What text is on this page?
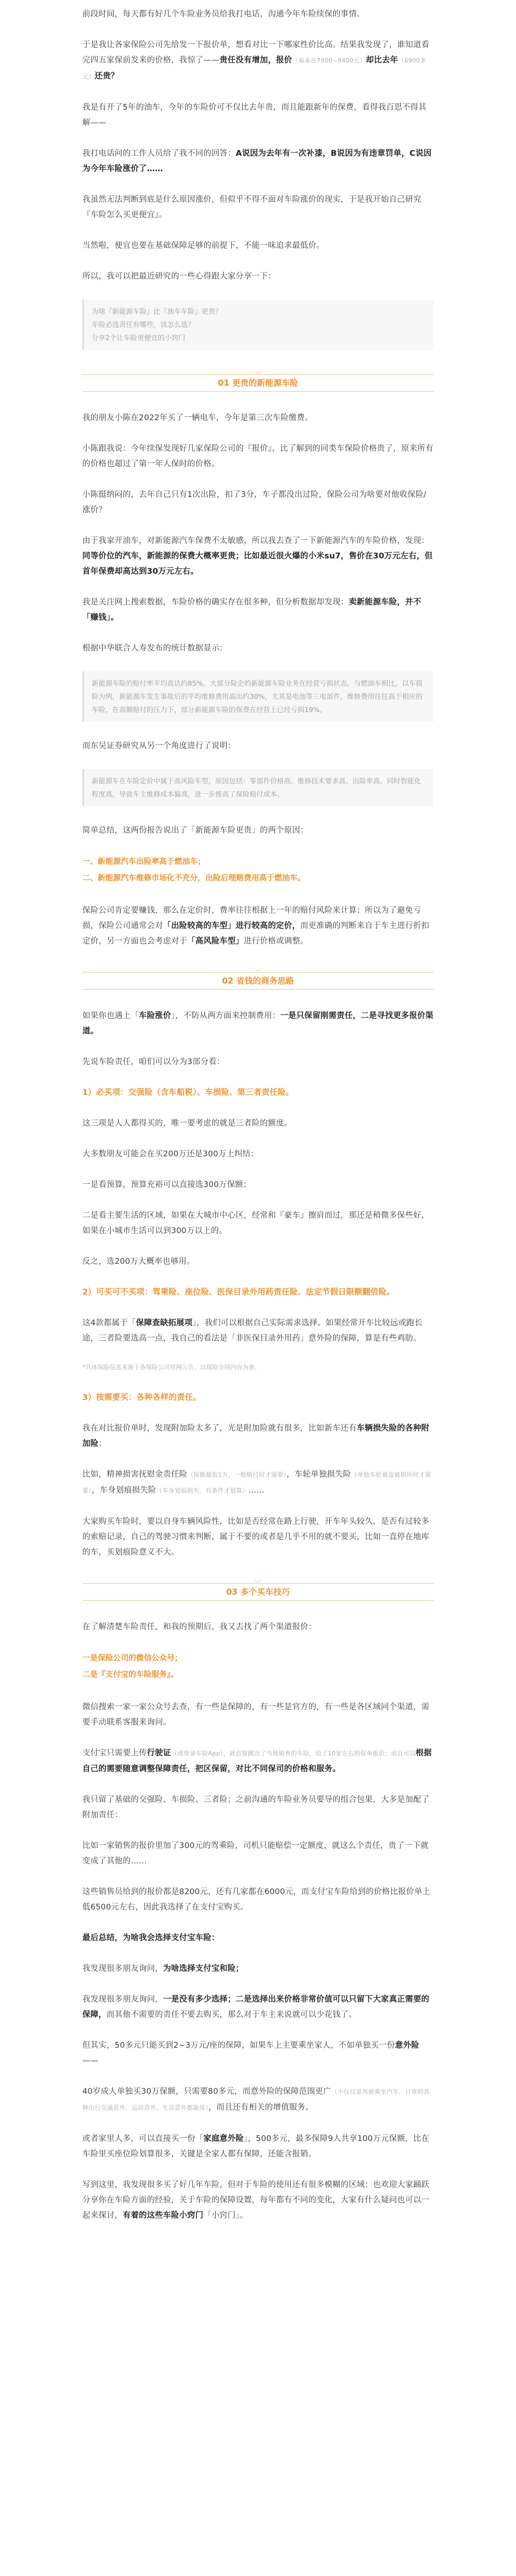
前段时间，每天都有好几个车险业务员给我打电话，沟通今年车险续保的事情。

于是我让各家保险公司先给发一下报价单，想看对比一下哪家性价比高。结果我发现了，谁知道看完四五家保前发来的价格，我惊了——贵任没有增加，报价（基本在7800~8400元）却比去年（6900多元）还贵？

我是有开了5年的油车，今年的车险价可不仅比去年贵，而且能跟新年的保费，看得我百思不得其解——

我打电话问的工作人员给了我不同的回答：A说因为去年有一次补漆，B说因为有违章罚单，C说因为今年车险涨价了……

我虽然无法判断到底是什么原因涨价，但似乎不得不面对车险涨价的现实，于是我开始自己研究『车险怎么买更便宜』。

当然啦，便宜也要在基础保障足够的前提下，不能一味追求最低价。

所以，我可以把最近研究的一些心得跟大家分享一下：

为啥『新能源车险』比『油车车险』更贵？
车险必选责任有哪些，该怎么选？
分享2个让车险更便宜的小窍门
◡
01 更贵的新能源车险

我的朋友小陈在2022年买了一辆电车，今年是第三次车险缴费。

小陈跟我说：今年续保发现好几家保险公司的『报价』，比了解到的同类车保险价格贵了，原来所有的价格也超过了第一年人保时的价格。

小陈挺纳闷的，去年自己只有1次出险，扣了3分，车子都没出过险，保险公司为啥要对他收保险/涨价？

由于我家开油车，对新能源汽车保费不太敏感，所以我去查了一下新能源汽车的车险价格，发现：同等价位的汽车，新能源的保费大概率更贵；比如最近很火爆的小米su7，售价在30万元左右，但首年保费却高达到30万元左右。

我是关注网上搜索数据，车险价格的确实存在很多种，但分析数据却发现：卖新能源车险，并不「赚钱」。

根据中华联合人寿发布的统计数据显示：

新能源车险的赔付率平均高达约85%，大部分险企的新能源车险业务在经营亏损状态。与燃油车相比，以车损险为例，新能源车发生事故后的平均维修费用高出约30%，尤其是电池等三电部件，维修费用往往高于相应的车险，在高额赔付的压力下，部分新能源车险的保费在经营上已经亏损19%。

而东吴证券研究从另一个角度进行了说明：

新能源车在车险定价中属于高风险车型，原因包括：零部件价格高、维修技术要求高、出险率高。同时智能化程度高，导致车主维修成本偏高，进一步推高了保险赔付成本。

简单总结，这两份报告说出了「新能源车险更贵」的两个原因：

一、新能源汽车出险率高于燃油车；
二、新能源汽车维修市场化不充分，出险后理赔费用高于燃油车。

保险公司肯定要赚钱，那么在定价时，费率往往根据上一年的赔付风险来计算；所以为了避免亏损，保险公司通常会对「出险较高的车型」进行较高的定价，而更准确的判断来自于车主进行折扣定价，另一方面也会考虑对于「高风险车型」进行价格或调整。

◡
02 省钱的商务思路

如果你也遇上「车险涨价」，不防从两方面来控制费用：一是只保留刚需责任，二是寻找更多报价渠道。

先说车险责任，咱们可以分为3部分看：

1）必买项：交强险（含车船税）、车损险、第三者责任险。

这三项是人人都得买的，唯一要考虑的就是三者险的额度。

大多数朋友可能会在买200万还是300万上纠结：

一是看预算，预算充裕可以直接选300万保额；

二是看主要生活的区域，如果在大城市中心区，经常和『豪车』擦肩而过，那还是稍微多保些好，如果在小城市生活可以到300万以上的。

反之，选200万大概率也够用。

2）可买可不买项：驾乘险、座位险、医保目录外用药责任险、法定节假日限额翻倍险。

这4款都属于「保障查缺拓展项」，我们可以根据自己实际需求选择。如果经常开车比较远或跑长途，三者险要选高一点，我自己的看法是「非医保目录外用药」意外险的保障，算是有些鸡肋。

*具体保险信息来源于各保险公司官网公告，以保险合同内容为准。

3）按需要买：各种各样的责任。

我在对比报价单时，发现附加险太多了，光是附加险就有很多，比如新车还有车辆损失险的各种附加险：

比如，精神损害抚慰金责任险（保额最低1万，一般赔付时才需要），车轮单独损失险（单独车轮被盗被损坏时才需要），车身划痕损失险（车身划痕损失，有条件才划算）……

大家购买车险时，要以自身车辆风险性，比如是否经常在路上行驶，开车年头较久，是否有过较多的索赔记录，自己的驾驶习惯来判断，属于不要的或者是几乎不用的就不要买，比如一直停在地库的车，买划痕险意义不大。

◡
03 多个买车技巧

在了解清楚车险责任，和我的预期后，我又去找了两个渠道报价：

一是保险公司的微信公众号；
二是『支付宝的车险服务』。

微信搜索一家一家公众号去查，有一些是保障的，有一些是官方的，有一些是各区域同个渠道，需要手动联系客服来询问。

支付宝只需要上传行驶证（或登录车险App），就直接跳出了当地销售的车险，给了10家左右的保单报价；而且可以根据自己的需要随意调整保障责任，把区保留，对比不同保司的价格和服务。

我只留了基础的交强险、车损险、三者险；之前沟通的车险业务员要导的组合包果，大多是加配了附加责任：

比如一家销售的报价里加了300元的驾乘险，司机只能赔偿一定额度，就这么个责任，贵了一下就变成了其他的……

这些销售员给到的报价都是8200元，还有几家都在6000元，而支付宝车险给到的价格比报价单上低6500元左右，因此我选择了在支付宝购买。

最后总结，为啥我会选择支付宝车险：

我发现很多朋友询问，为啥选择支付宝和险；

我发现很多朋友询问，一是没有多少选择；二是选择出来价格非常价值可以只留下大家真正需要的保障，而其他不需要的责任不要去购买，那么对于车主来说就可以少花钱了。

但其实，50多元只能买到2~3万元/座的保障，如果车上主要乘坐家人，不如单独买一份意外险——

40岁成人单独买30万保额，只需要80多元，而意外险的保障范围更广（不仅仅是驾驶乘坐汽车，日常的各种出行交通意外、运动意外、生活意外都能保），而且还有相关的增值服务。

或者家里人多，可以直接买一份「家庭意外险」，500多元，最多保障9人共享100万元保额，比在车险里买座位险划算很多，关键是全家人都有保障，还能含报销。

写到这里，我发现很多买了好几年车险，但对于车险的使用还有很多模糊的区域；也欢迎大家踊跃分享你在车险方面的经验，关于车险的保障设置，每年都有不同的变化，大家有什么疑问也可以一起来探讨，有着的这些车险小窍门「小窍门」。
